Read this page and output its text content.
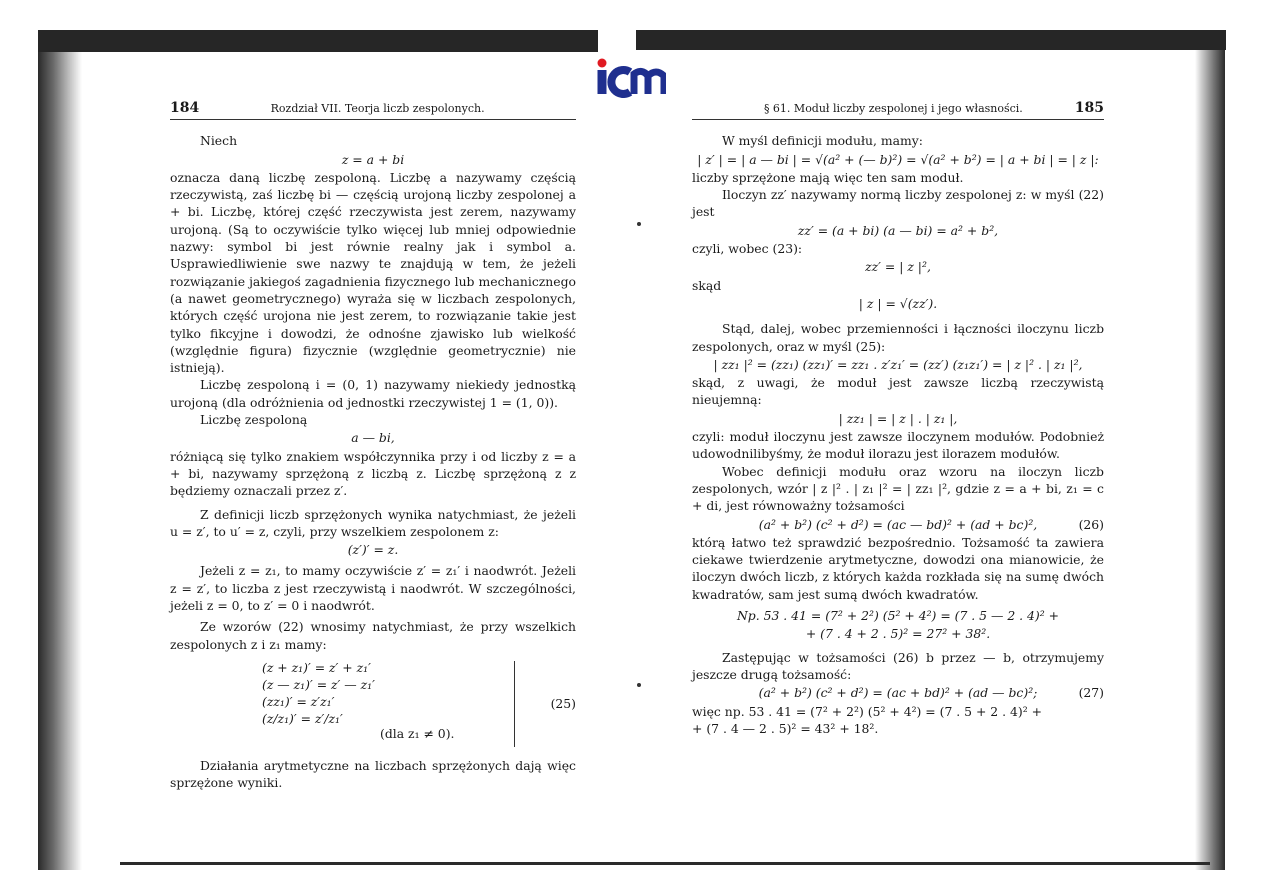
184	Rozdział VII. Teorja liczb zespolonych.

Niech

z = a + bi

oznacza daną liczbę zespoloną. Liczbę a nazywamy częścią rzeczywistą, zaś liczbę bi — częścią urojoną liczby zespolonej a + bi. Liczbę, której część rzeczywista jest zerem, nazywamy urojoną. (Są to oczywiście tylko więcej lub mniej odpowiednie nazwy: symbol bi jest równie realny jak i symbol a. Usprawiedliwienie swe nazwy te znajdują w tem, że jeżeli rozwiązanie jakiegoś zagadnienia fizycznego lub mechanicznego (a nawet geometrycznego) wyraża się w liczbach zespolonych, których część urojona nie jest zerem, to rozwiązanie takie jest tylko fikcyjne i dowodzi, że odnośne zjawisko lub wielkość (względnie figura) fizycznie (względnie geometrycznie) nie istnieją).

Liczbę zespoloną i = (0, 1) nazywamy niekiedy jednostką urojoną (dla odróżnienia od jednostki rzeczywistej 1 = (1, 0)).

Liczbę zespoloną

a — bi,

różniącą się tylko znakiem współczynnika przy i od liczby z = a + bi, nazywamy sprzężoną z liczbą z. Liczbę sprzężoną z z będziemy oznaczali przez z′.

Z definicji liczb sprzężonych wynika natychmiast, że jeżeli u = z′, to u′ = z, czyli, przy wszelkiem zespolonem z:

(z′)′ = z.

Jeżeli z = z₁, to mamy oczywiście z′ = z₁′ i naodwrót. Jeżeli z = z′, to liczba z jest rzeczywistą i naodwrót. W szczególności, jeżeli z = 0, to z′ = 0 i naodwrót.

Ze wzorów (22) wnosimy natychmiast, że przy wszelkich zespolonych z i z₁ mamy:

(z + z₁)′ = z′ + z₁′
(z — z₁)′ = z′ — z₁′
(zz₁)′ = z′z₁′
(z/z₁)′ = z′/z₁′
(dla z₁ ≠ 0).
(25)

Działania arytmetyczne na liczbach sprzężonych dają więc sprzężone wyniki.

§ 61. Moduł liczby zespolonej i jego własności.	185

W myśl definicji modułu, mamy:

| z′ | = | a — bi | = √(a² + (— b)²) = √(a² + b²) = | a + bi | = | z |:

liczby sprzężone mają więc ten sam moduł.

Iloczyn zz′ nazywamy normą liczby zespolonej z: w myśl (22) jest

zz′ = (a + bi) (a — bi) = a² + b²,

czyli, wobec (23):

zz′ = | z |²,

skąd

| z | = √(zz′).

Stąd, dalej, wobec przemienności i łączności iloczynu liczb zespolonych, oraz w myśl (25):

| zz₁ |² = (zz₁) (zz₁)′ = zz₁ . z′z₁′ = (zz′) (z₁z₁′) = | z |² . | z₁ |²,

skąd, z uwagi, że moduł jest zawsze liczbą rzeczywistą nieujemną:

| zz₁ | = | z | . | z₁ |,

czyli: moduł iloczynu jest zawsze iloczynem modułów. Podobnież udowodnilibyśmy, że moduł ilorazu jest ilorazem modułów.

Wobec definicji modułu oraz wzoru na iloczyn liczb zespolonych, wzór | z |² . | z₁ |² = | zz₁ |², gdzie z = a + bi, z₁ = c + di, jest równoważny tożsamości

(a² + b²) (c² + d²) = (ac — bd)² + (ad + bc)²,	(26)

którą łatwo też sprawdzić bezpośrednio. Tożsamość ta zawiera ciekawe twierdzenie arytmetyczne, dowodzi ona mianowicie, że iloczyn dwóch liczb, z których każda rozkłada się na sumę dwóch kwadratów, sam jest sumą dwóch kwadratów.

Np. 53 . 41 = (7² + 2²) (5² + 4²) = (7 . 5 — 2 . 4)² +

+ (7 . 4 + 2 . 5)² = 27² + 38².

Zastępując w tożsamości (26) b przez — b, otrzymujemy jeszcze drugą tożsamość:

(a² + b²) (c² + d²) = (ac + bd)² + (ad — bc)²;	(27)

więc np. 53 . 41 = (7² + 2²) (5² + 4²) = (7 . 5 + 2 . 4)² +

+ (7 . 4 — 2 . 5)² = 43² + 18².
